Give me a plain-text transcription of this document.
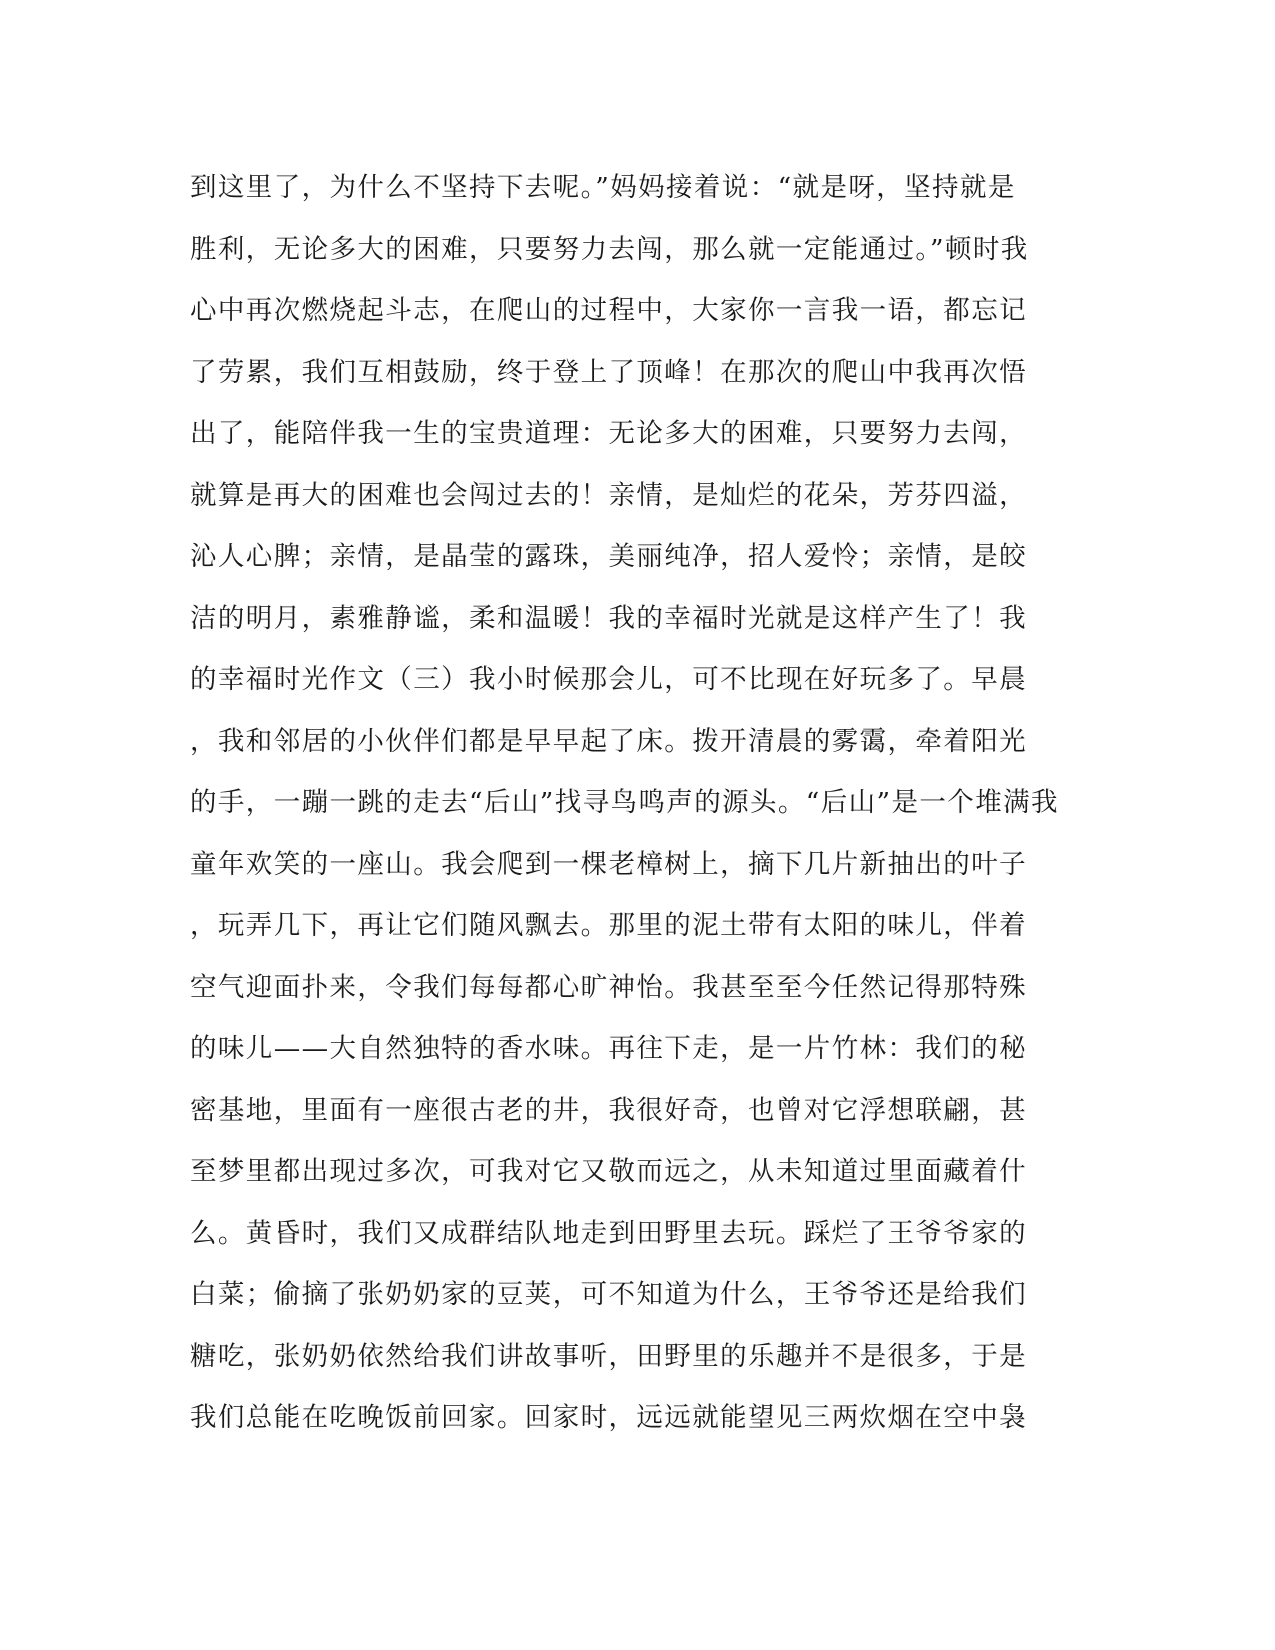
到这里了，为什么不坚持下去呢。”妈妈接着说：“就是呀，坚持就是
胜利，无论多大的困难，只要努力去闯，那么就一定能通过。”顿时我
心中再次燃烧起斗志，在爬山的过程中，大家你一言我一语，都忘记
了劳累，我们互相鼓励，终于登上了顶峰！在那次的爬山中我再次悟
出了，能陪伴我一生的宝贵道理：无论多大的困难，只要努力去闯，
就算是再大的困难也会闯过去的！亲情，是灿烂的花朵，芳芬四溢，
沁人心脾；亲情，是晶莹的露珠，美丽纯净，招人爱怜；亲情，是皎
洁的明月，素雅静谧，柔和温暖！我的幸福时光就是这样产生了！我
的幸福时光作文（三）我小时候那会儿，可不比现在好玩多了。早晨
，我和邻居的小伙伴们都是早早起了床。拨开清晨的雾霭，牵着阳光
的手，一蹦一跳的走去“后山”找寻鸟鸣声的源头。“后山”是一个堆满我
童年欢笑的一座山。我会爬到一棵老樟树上，摘下几片新抽出的叶子
，玩弄几下，再让它们随风飘去。那里的泥土带有太阳的味儿，伴着
空气迎面扑来，令我们每每都心旷神怡。我甚至至今任然记得那特殊
的味儿——大自然独特的香水味。再往下走，是一片竹林：我们的秘
密基地，里面有一座很古老的井，我很好奇，也曾对它浮想联翩，甚
至梦里都出现过多次，可我对它又敬而远之，从未知道过里面藏着什
么。黄昏时，我们又成群结队地走到田野里去玩。踩烂了王爷爷家的
白菜；偷摘了张奶奶家的豆荚，可不知道为什么，王爷爷还是给我们
糖吃，张奶奶依然给我们讲故事听，田野里的乐趣并不是很多，于是
我们总能在吃晚饭前回家。回家时，远远就能望见三两炊烟在空中袅
